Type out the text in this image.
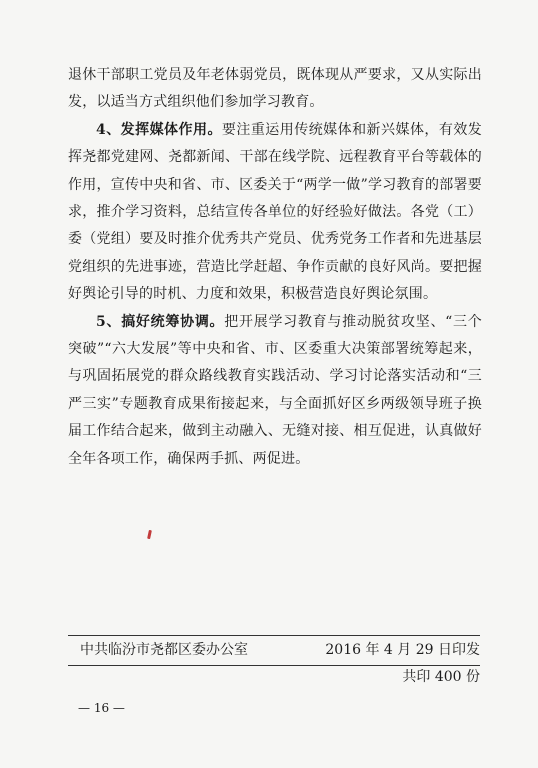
退休干部职工党员及年老体弱党员，既体现从严要求，又从实际出发，以适当方式组织他们参加学习教育。

4、发挥媒体作用。要注重运用传统媒体和新兴媒体，有效发挥尧都党建网、尧都新闻、干部在线学院、远程教育平台等载体的作用，宣传中央和省、市、区委关于“两学一做”学习教育的部署要求，推介学习资料，总结宣传各单位的好经验好做法。各党（工）委（党组）要及时推介优秀共产党员、优秀党务工作者和先进基层党组织的先进事迹，营造比学赶超、争作贡献的良好风尚。要把握好舆论引导的时机、力度和效果，积极营造良好舆论氛围。

5、搞好统筹协调。把开展学习教育与推动脱贫攻坚、“三个突破”“六大发展”等中央和省、市、区委重大决策部署统筹起来，与巩固拓展党的群众路线教育实践活动、学习讨论落实活动和“三严三实”专题教育成果衔接起来，与全面抓好区乡两级领导班子换届工作结合起来，做到主动融入、无缝对接、相互促进，认真做好全年各项工作，确保两手抓、两促进。

中共临汾市尧都区委办公室	2016 年 4 月 29 日印发
共印 400 份
— 16 —
